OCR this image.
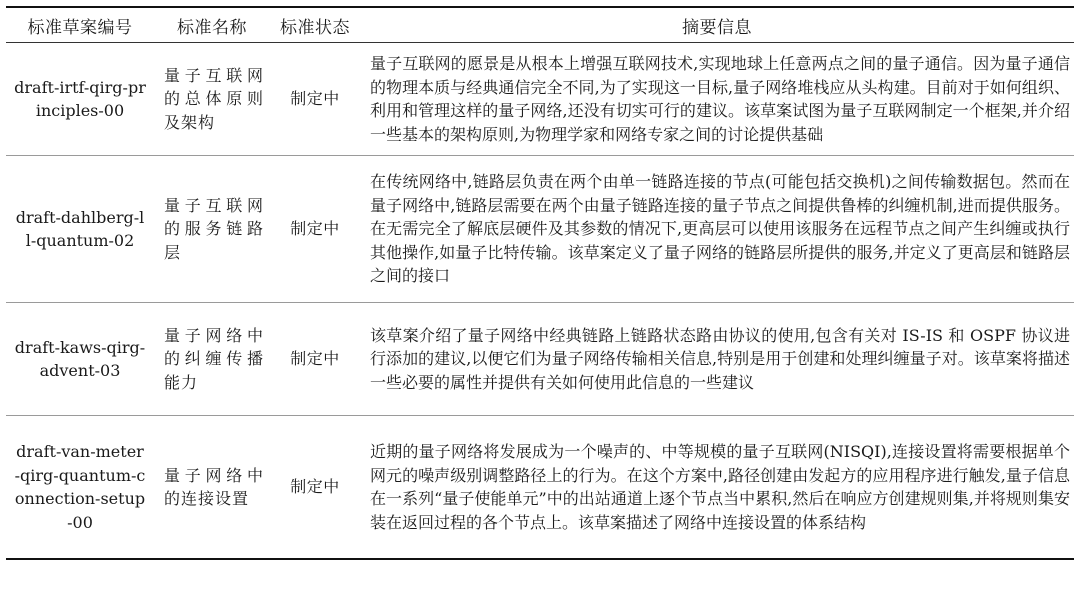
标准草案编号	标准名称	标准状态	摘要信息
draft-irtf-qirg-principles-00	量子互联网的总体原则及架构	制定中	量子互联网的愿景是从根本上增强互联网技术,实现地球上任意两点之间的量子通信。因为量子通信的物理本质与经典通信完全不同,为了实现这一目标,量子网络堆栈应从头构建。目前对于如何组织、利用和管理这样的量子网络,还没有切实可行的建议。该草案试图为量子互联网制定一个框架,并介绍一些基本的架构原则,为物理学家和网络专家之间的讨论提供基础
draft-dahlberg-ll-quantum-02	量子互联网的服务链路层	制定中	在传统网络中,链路层负责在两个由单一链路连接的节点(可能包括交换机)之间传输数据包。然而在量子网络中,链路层需要在两个由量子链路连接的量子节点之间提供鲁棒的纠缠机制,进而提供服务。在无需完全了解底层硬件及其参数的情况下,更高层可以使用该服务在远程节点之间产生纠缠或执行其他操作,如量子比特传输。该草案定义了量子网络的链路层所提供的服务,并定义了更高层和链路层之间的接口
draft-kaws-qirg-advent-03	量子网络中的纠缠传播能力	制定中	该草案介绍了量子网络中经典链路上链路状态路由协议的使用,包含有关对 IS-IS 和 OSPF 协议进行添加的建议,以便它们为量子网络传输相关信息,特别是用于创建和处理纠缠量子对。该草案将描述一些必要的属性并提供有关如何使用此信息的一些建议
draft-van-meter-qirg-quantum-connection-setup-00	量子网络中的连接设置	制定中	近期的量子网络将发展成为一个噪声的、中等规模的量子互联网(NISQI),连接设置将需要根据单个网元的噪声级别调整路径上的行为。在这个方案中,路径创建由发起方的应用程序进行触发,量子信息在一系列“量子使能单元”中的出站通道上逐个节点当中累积,然后在响应方创建规则集,并将规则集安装在返回过程的各个节点上。该草案描述了网络中连接设置的体系结构
